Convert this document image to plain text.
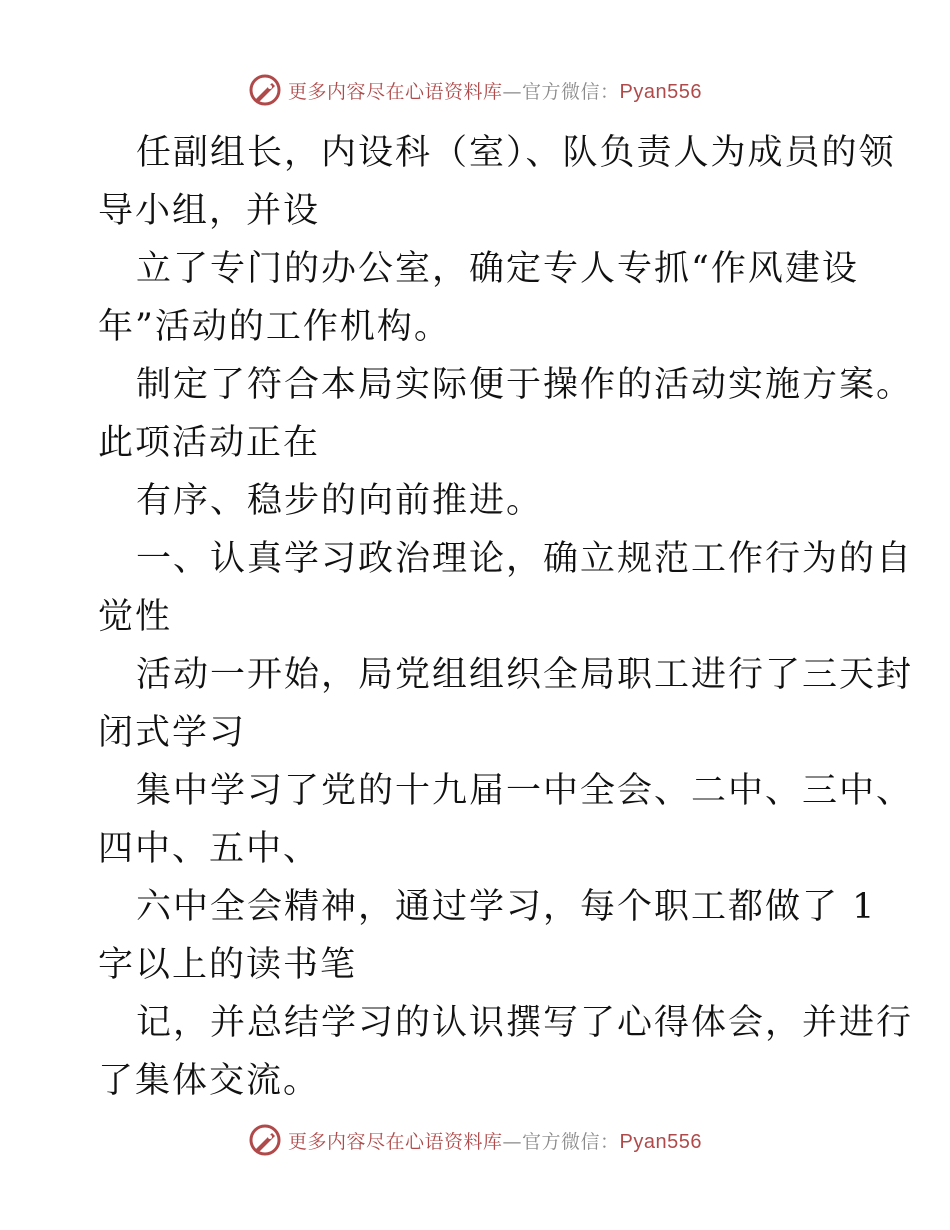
更多内容尽在心语资料库—官方微信：Pyan556
任副组长，内设科（室）、队负责人为成员的领
导小组，并设
立了专门的办公室，确定专人专抓“作风建设
年”活动的工作机构。
制定了符合本局实际便于操作的活动实施方案。
此项活动正在
有序、稳步的向前推进。
一、认真学习政治理论，确立规范工作行为的自
觉性
活动一开始，局党组组织全局职工进行了三天封
闭式学习
集中学习了党的十九届一中全会、二中、三中、
四中、五中、
六中全会精神，通过学习，每个职工都做了 1
字以上的读书笔
记，并总结学习的认识撰写了心得体会，并进行
了集体交流。
更多内容尽在心语资料库—官方微信：Pyan556
